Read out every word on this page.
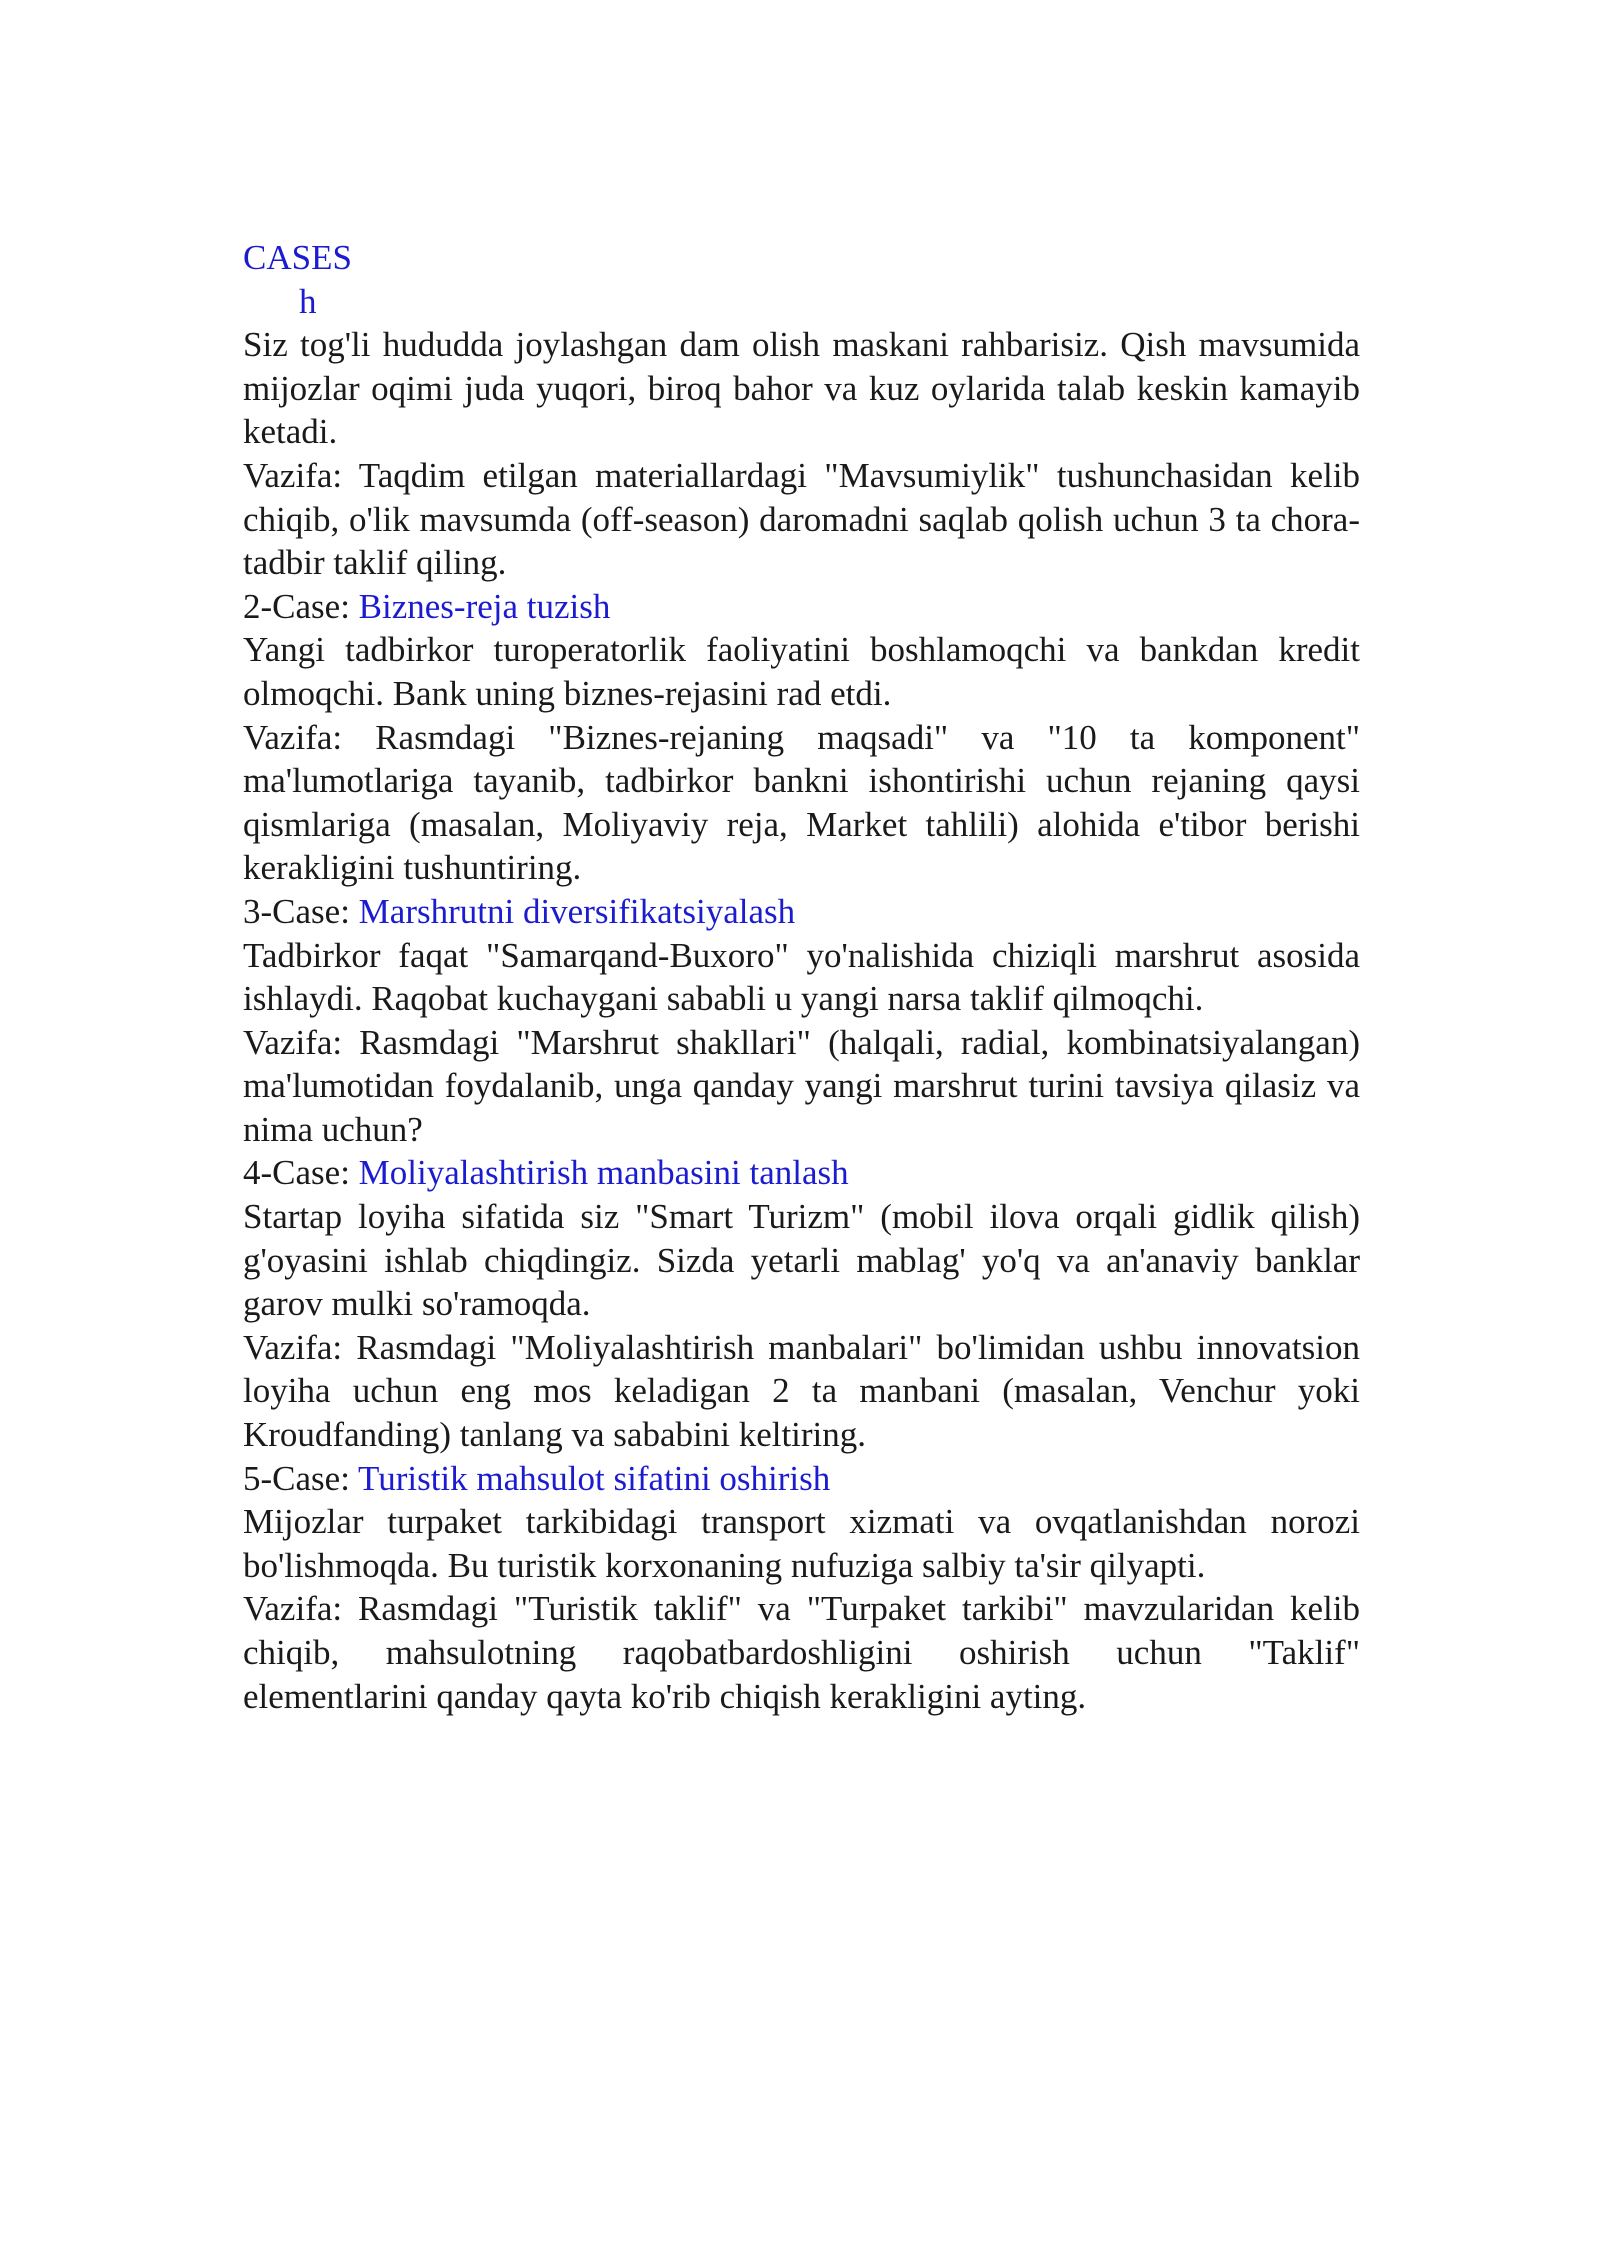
CASES

h

Siz tog'li hududda joylashgan dam olish maskani rahbarisiz. Qish mavsumida mijozlar oqimi juda yuqori, biroq bahor va kuz oylarida talab keskin kamayib ketadi.

Vazifa: Taqdim etilgan materiallardagi "Mavsumiylik" tushunchasidan kelib chiqib, o'lik mavsumda (off-season) daromadni saqlab qolish uchun 3 ta chora-tadbir taklif qiling.

2-Case: Biznes-reja tuzish

Yangi tadbirkor turoperatorlik faoliyatini boshlamoqchi va bankdan kredit olmoqchi. Bank uning biznes-rejasini rad etdi.

Vazifa: Rasmdagi "Biznes-rejaning maqsadi" va "10 ta komponent" ma'lumotlariga tayanib, tadbirkor bankni ishontirishi uchun rejaning qaysi qismlariga (masalan, Moliyaviy reja, Market tahlili) alohida e'tibor berishi kerakligini tushuntiring.

3-Case: Marshrutni diversifikatsiyalash

Tadbirkor faqat "Samarqand-Buxoro" yo'nalishida chiziqli marshrut asosida ishlaydi. Raqobat kuchaygani sababli u yangi narsa taklif qilmoqchi.

Vazifa: Rasmdagi "Marshrut shakllari" (halqali, radial, kombinatsiyalangan) ma'lumotidan foydalanib, unga qanday yangi marshrut turini tavsiya qilasiz va nima uchun?

4-Case: Moliyalashtirish manbasini tanlash

Startap loyiha sifatida siz "Smart Turizm" (mobil ilova orqali gidlik qilish) g'oyasini ishlab chiqdingiz. Sizda yetarli mablag' yo'q va an'anaviy banklar garov mulki so'ramoqda.

Vazifa: Rasmdagi "Moliyalashtirish manbalari" bo'limidan ushbu innovatsion loyiha uchun eng mos keladigan 2 ta manbani (masalan, Venchur yoki Kroudfanding) tanlang va sababini keltiring.

5-Case: Turistik mahsulot sifatini oshirish

Mijozlar turpaket tarkibidagi transport xizmati va ovqatlanishdan norozi bo'lishmoqda. Bu turistik korxonaning nufuziga salbiy ta'sir qilyapti.

Vazifa: Rasmdagi "Turistik taklif" va "Turpaket tarkibi" mavzularidan kelib chiqib, mahsulotning raqobatbardoshligini oshirish uchun "Taklif" elementlarini qanday qayta ko'rib chiqish kerakligini ayting.
